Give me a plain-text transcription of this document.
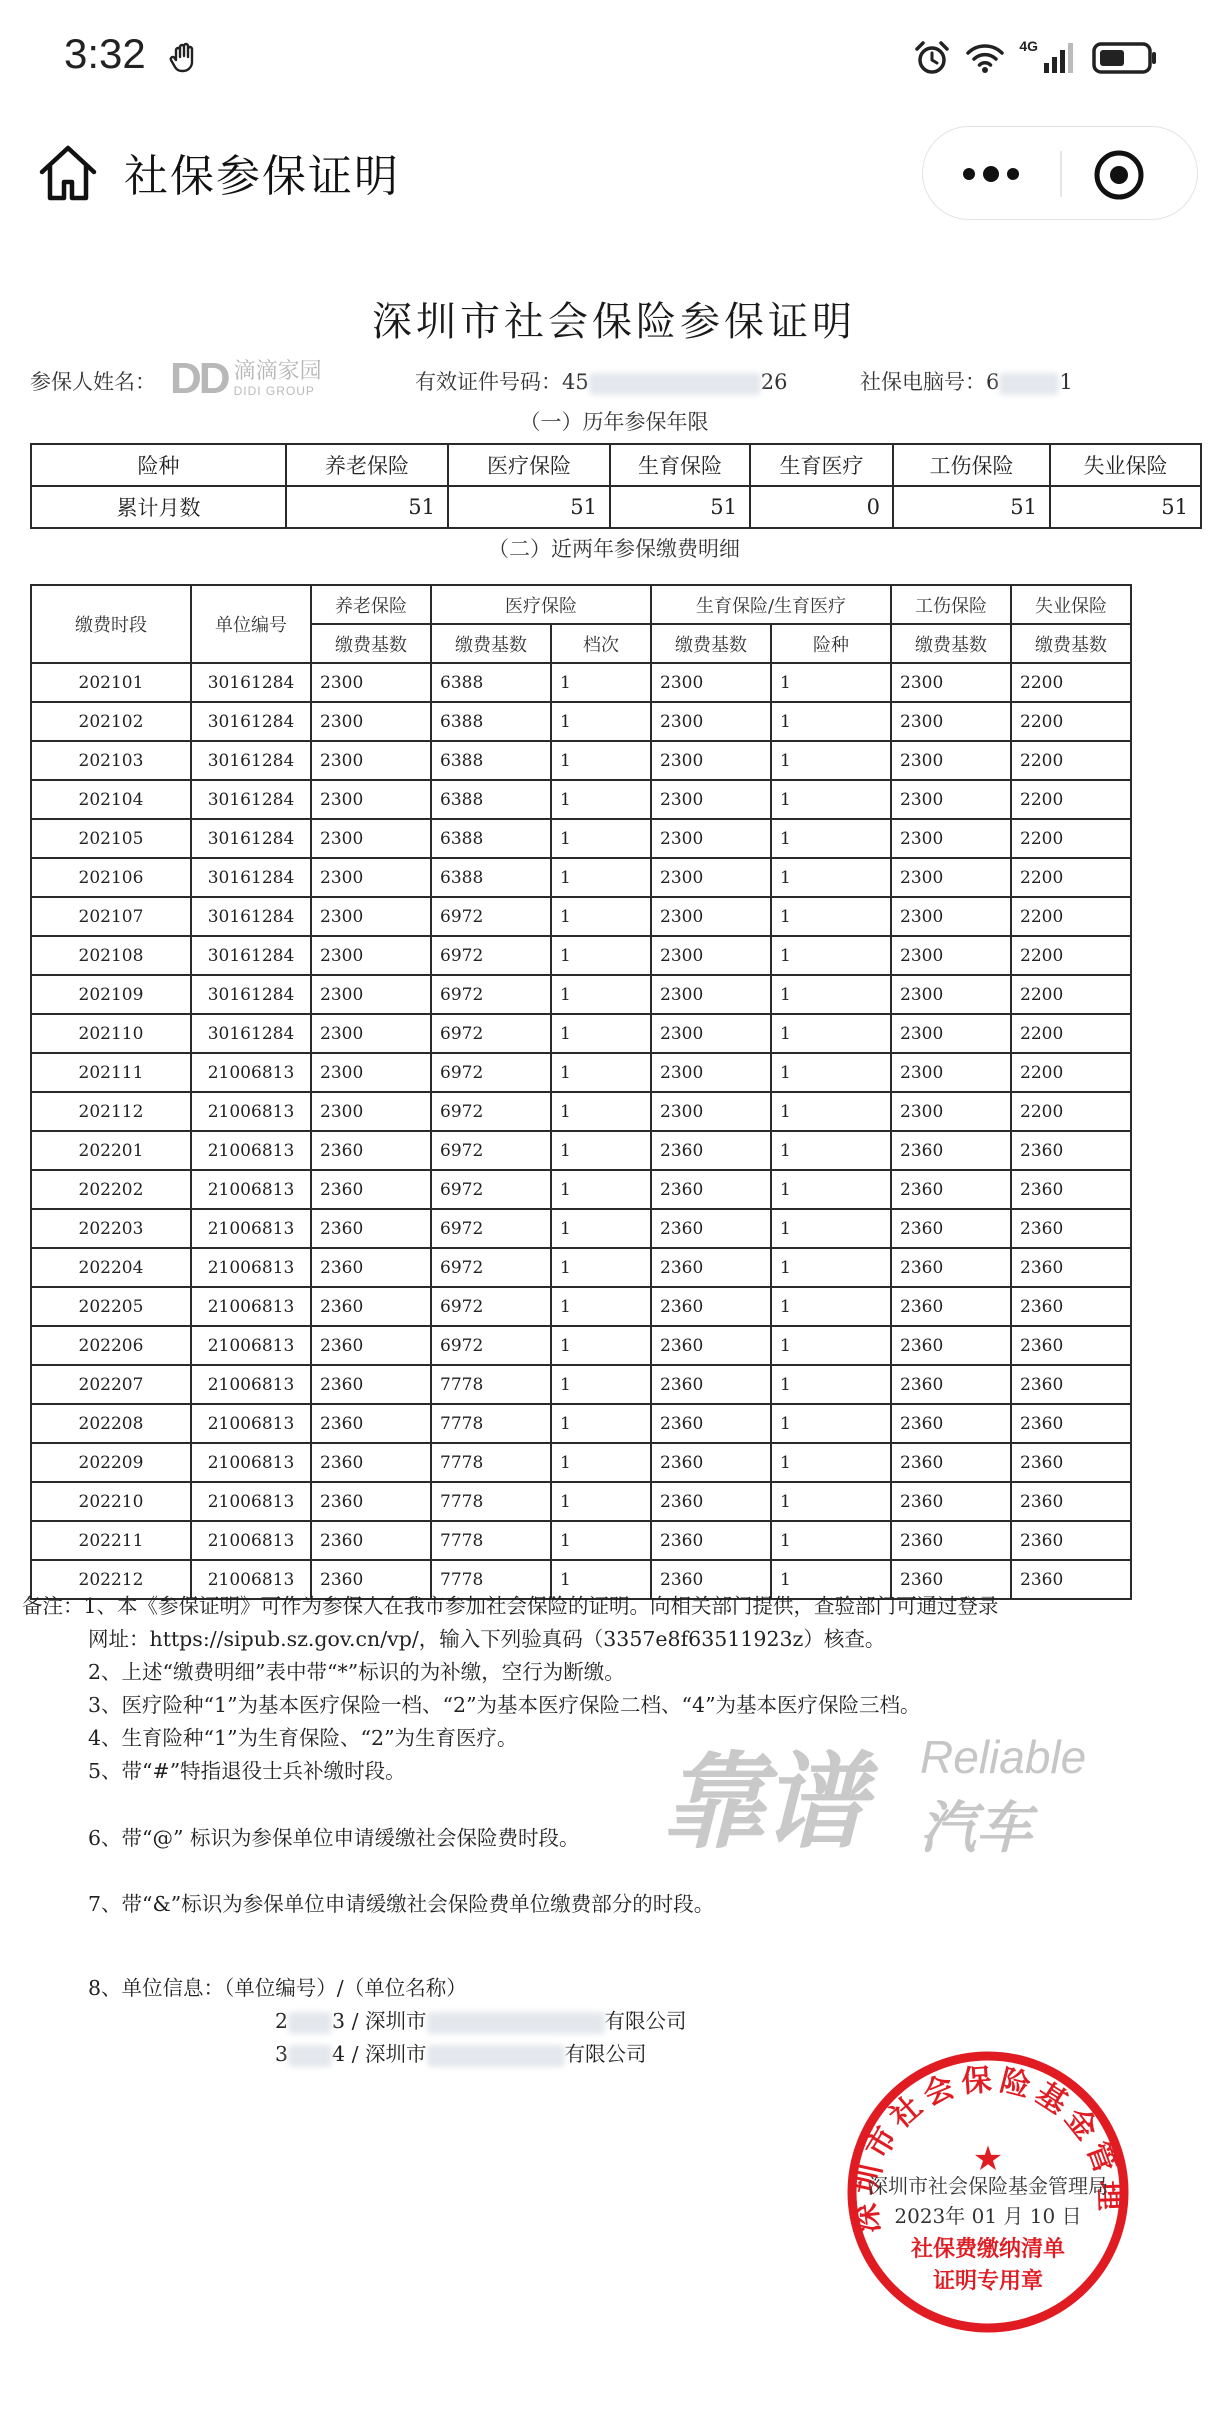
3:32	4G
社保参保证明
深圳市社会保险参保证明
参保人姓名： DD 滴滴家园
DIDI GROUP	有效证件号码：45	26	社保电脑号：6	1
（一）历年参保年限
险种	养老保险	医疗保险	生育保险	生育医疗	工伤保险	失业保险
累计月数	51	51	51	0	51	51
（二）近两年参保缴费明细
缴费时段	单位编号	养老保险	医疗保险		生育保险/生育医疗		工伤保险	失业保险
		缴费基数	缴费基数	档次	缴费基数	险种	缴费基数	缴费基数
202101	30161284	2300	6388	1	2300	1	2300	2200
202102	30161284	2300	6388	1	2300	1	2300	2200
202103	30161284	2300	6388	1	2300	1	2300	2200
202104	30161284	2300	6388	1	2300	1	2300	2200
202105	30161284	2300	6388	1	2300	1	2300	2200
202106	30161284	2300	6388	1	2300	1	2300	2200
202107	30161284	2300	6972	1	2300	1	2300	2200
202108	30161284	2300	6972	1	2300	1	2300	2200
202109	30161284	2300	6972	1	2300	1	2300	2200
202110	30161284	2300	6972	1	2300	1	2300	2200
202111	21006813	2300	6972	1	2300	1	2300	2200
202112	21006813	2300	6972	1	2300	1	2300	2200
202201	21006813	2360	6972	1	2360	1	2360	2360
202202	21006813	2360	6972	1	2360	1	2360	2360
202203	21006813	2360	6972	1	2360	1	2360	2360
202204	21006813	2360	6972	1	2360	1	2360	2360
202205	21006813	2360	6972	1	2360	1	2360	2360
202206	21006813	2360	6972	1	2360	1	2360	2360
202207	21006813	2360	7778	1	2360	1	2360	2360
202208	21006813	2360	7778	1	2360	1	2360	2360
202209	21006813	2360	7778	1	2360	1	2360	2360
202210	21006813	2360	7778	1	2360	1	2360	2360
202211	21006813	2360	7778	1	2360	1	2360	2360
202212	21006813	2360	7778	1	2360	1	2360	2360
备注：1、本《参保证明》可作为参保人在我市参加社会保险的证明。向相关部门提供，查验部门可通过登录
网址：https://sipub.sz.gov.cn/vp/，输入下列验真码（3357e8f63511923z）核查。
2、上述“缴费明细”表中带“*”标识的为补缴，空行为断缴。
3、医疗险种“1”为基本医疗保险一档、“2”为基本医疗保险二档、“4”为基本医疗保险三档。
4、生育险种“1”为生育保险、“2”为生育医疗。
5、带“#”特指退役士兵补缴时段。
6、带“@” 标识为参保单位申请缓缴社会保险费时段。
7、带“&”标识为参保单位申请缓缴社会保险费单位缴费部分的时段。
8、单位信息：（单位编号）/（单位名称）
2 3 / 深圳市	有限公司
3 4 / 深圳市	有限公司
靠谱 Reliable
汽车
深圳市社会保险基金管理
★
深圳市社会保险基金管理局
2023年 01 月 10 日
社保费缴纳清单
证明专用章
